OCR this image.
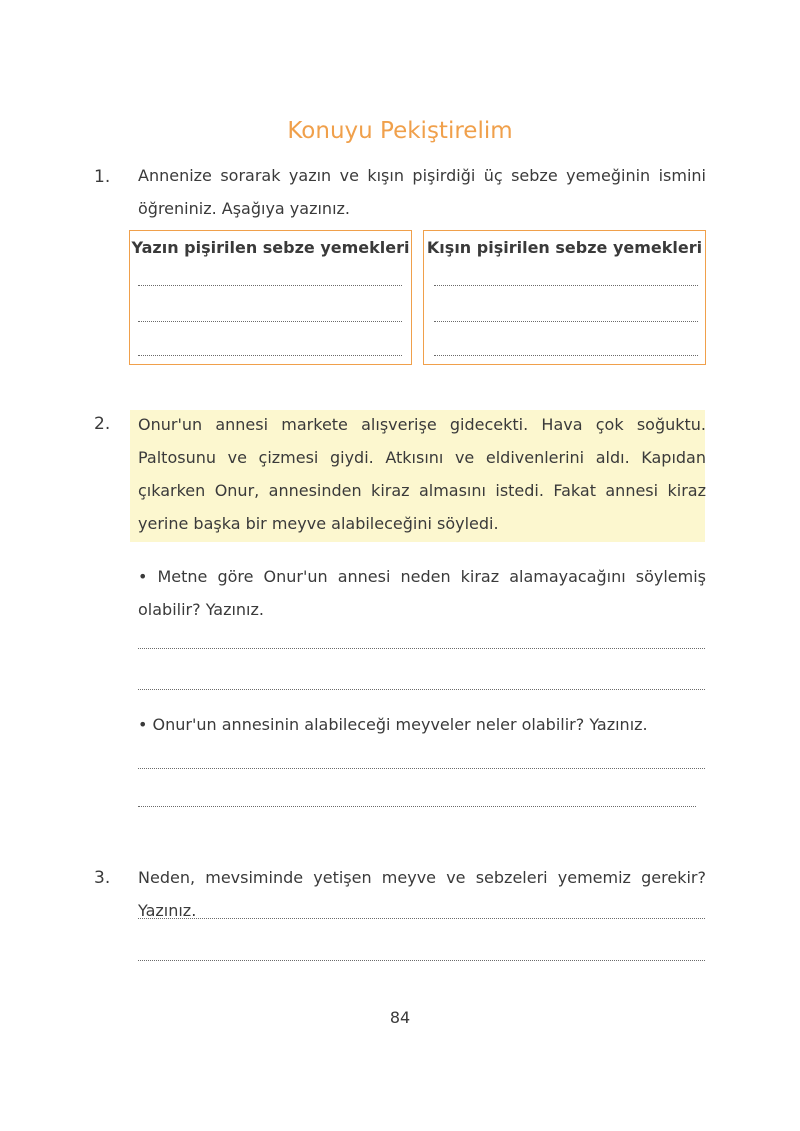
Konuyu Pekiştirelim
1. Annenize sorarak yazın ve kışın pişirdiği üç sebze yemeğinin ismini öğreniniz. Aşağıya yazınız.
Yazın pişirilen sebze yemekleri Kışın pişirilen sebze yemekleri
2. Onur'un annesi markete alışverişe gidecekti. Hava çok soğuktu. Paltosunu ve çizmesi giydi. Atkısını ve eldivenlerini aldı. Kapıdan çıkarken Onur, annesinden kiraz almasını istedi. Fakat annesi kiraz yerine başka bir meyve alabileceğini söyledi.
• Metne göre Onur'un annesi neden kiraz alamayacağını söylemiş olabilir? Yazınız.
• Onur'un annesinin alabileceği meyveler neler olabilir? Yazınız.
3. Neden, mevsiminde yetişen meyve ve sebzeleri yememiz gerekir? Yazınız.
84
